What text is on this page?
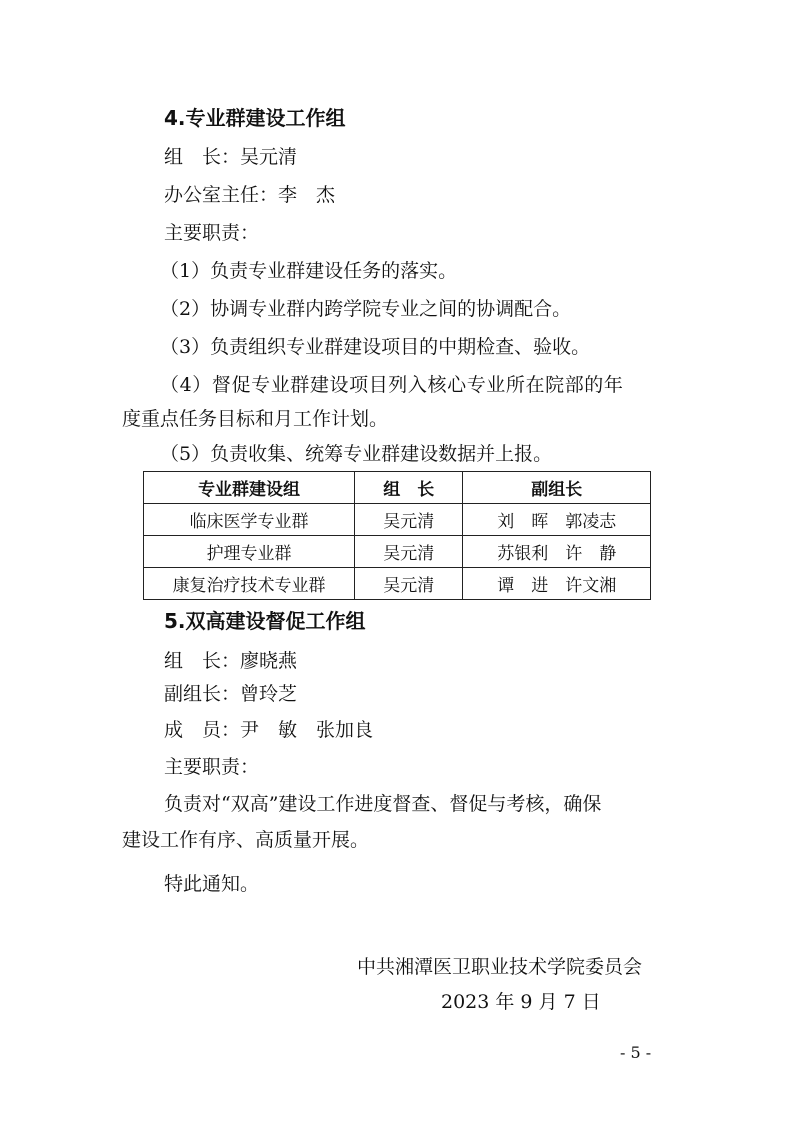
4.专业群建设工作组
组　长：吴元清
办公室主任：李　杰
主要职责：
（1）负责专业群建设任务的落实。
（2）协调专业群内跨学院专业之间的协调配合。
（3）负责组织专业群建设项目的中期检查、验收。
（4）督促专业群建设项目列入核心专业所在院部的年
度重点任务目标和月工作计划。
（5）负责收集、统筹专业群建设数据并上报。
专业群建设组	组　长	副组长
临床医学专业群	吴元清	刘　晖　郭凌志
护理专业群	吴元清	苏银利　许　静
康复治疗技术专业群	吴元清	谭　进　许文湘
5.双高建设督促工作组
组　长：廖晓燕
副组长：曾玲芝
成　员：尹　敏　张加良
主要职责：
负责对“双高”建设工作进度督查、督促与考核，确保
建设工作有序、高质量开展。
特此通知。
中共湘潭医卫职业技术学院委员会
2023 年 9 月 7 日
- 5 -
